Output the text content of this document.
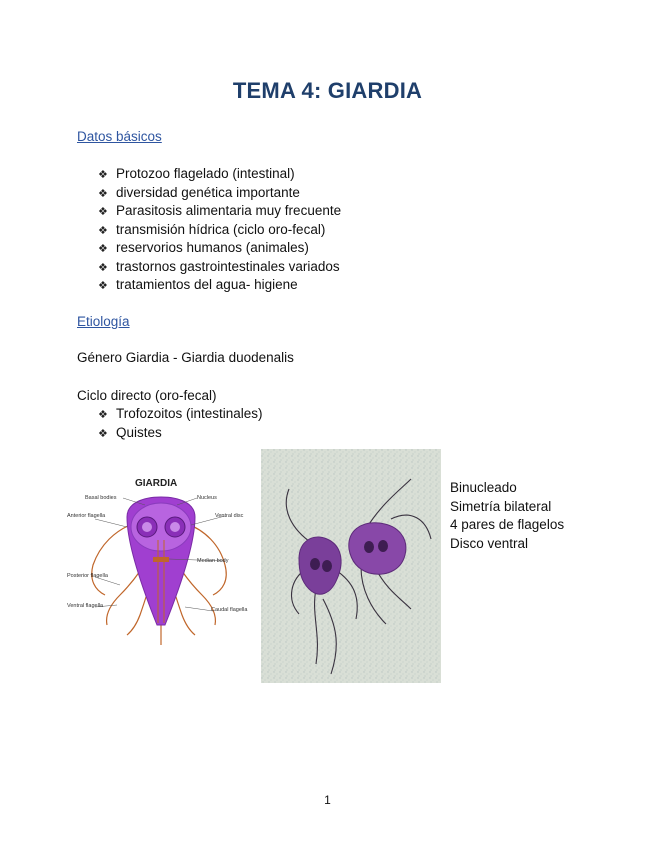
TEMA 4: GIARDIA
Datos básicos
❖ Protozoo flagelado (intestinal)
❖ diversidad genética importante
❖ Parasitosis alimentaria muy frecuente
❖ transmisión hídrica (ciclo oro-fecal)
❖ reservorios humanos (animales)
❖ trastornos gastrointestinales variados
❖ tratamientos del agua- higiene
Etiología
Género Giardia - Giardia duodenalis
Ciclo directo (oro-fecal)
❖ Trofozoitos (intestinales)
❖ Quistes
GIARDIA
Basal bodies	Nucleus
Anterior flagella	Ventral disc
Median body
Posterior flagella
Ventral flagella
Caudal flagella
Binucleado
Simetría bilateral
4 pares de flagelos
Disco ventral
1
